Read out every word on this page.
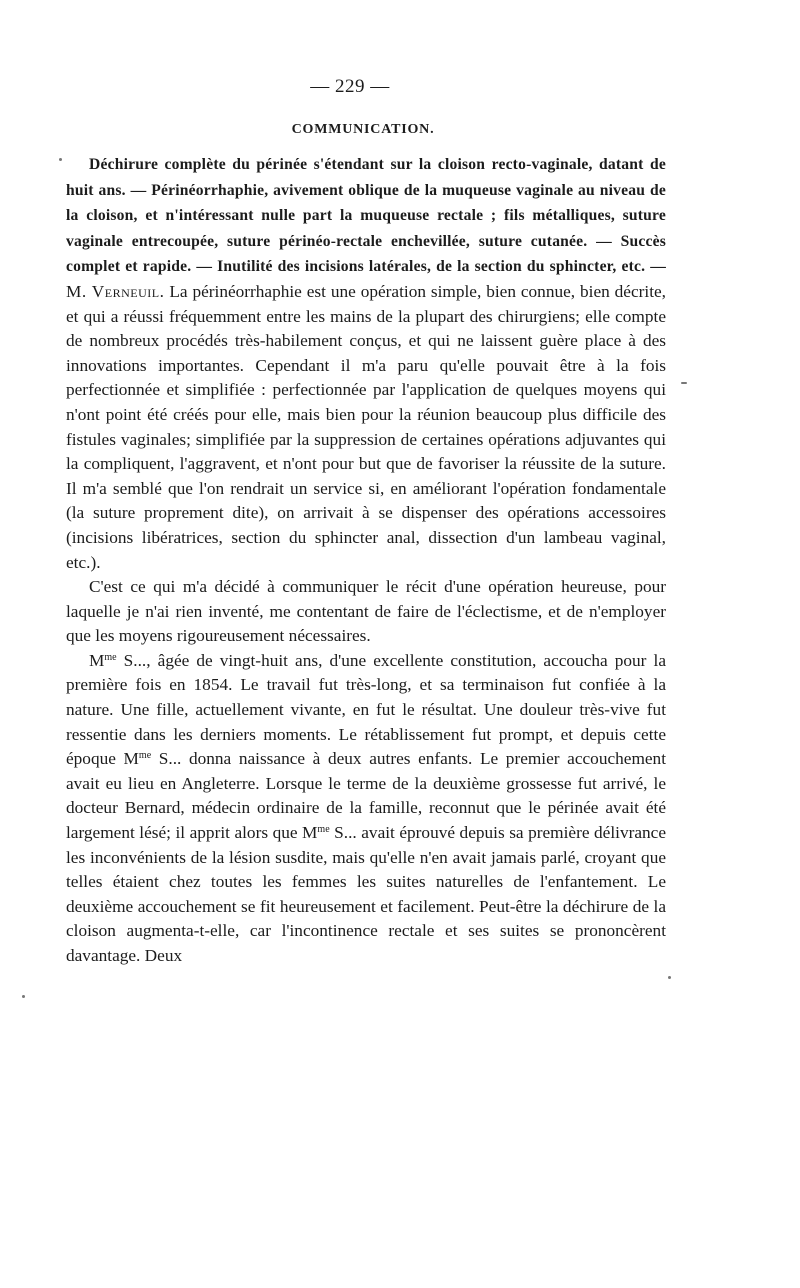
— 229 —
COMMUNICATION.

Déchirure complète du périnée s'étendant sur la cloison recto-vaginale, datant de huit ans. — Périnéorrhaphie, avivement oblique de la muqueuse vaginale au niveau de la cloison, et n'intéressant nulle part la muqueuse rectale ; fils métalliques, suture vaginale entrecoupée, suture périnéo-rectale enchevillée, suture cutanée. — Succès complet et rapide. — Inutilité des incisions latérales, de la section du sphincter, etc. — M. Verneuil. La périnéorrhaphie est une opération simple, bien connue, bien décrite, et qui a réussi fréquemment entre les mains de la plupart des chirurgiens; elle compte de nombreux procédés très-habilement conçus, et qui ne laissent guère place à des innovations importantes. Cependant il m'a paru qu'elle pouvait être à la fois perfectionnée et simplifiée : perfectionnée par l'application de quelques moyens qui n'ont point été créés pour elle, mais bien pour la réunion beaucoup plus difficile des fistules vaginales; simplifiée par la suppression de certaines opérations adjuvantes qui la compliquent, l'aggravent, et n'ont pour but que de favoriser la réussite de la suture. Il m'a semblé que l'on rendrait un service si, en améliorant l'opération fondamentale (la suture proprement dite), on arrivait à se dispenser des opérations accessoires (incisions libératrices, section du sphincter anal, dissection d'un lambeau vaginal, etc.).

C'est ce qui m'a décidé à communiquer le récit d'une opération heureuse, pour laquelle je n'ai rien inventé, me contentant de faire de l'éclectisme, et de n'employer que les moyens rigoureusement nécessaires.

$M^{me}$ S..., âgée de vingt-huit ans, d'une excellente constitution, accoucha pour la première fois en 1854. Le travail fut très-long, et sa terminaison fut confiée à la nature. Une fille, actuellement vivante, en fut le résultat. Une douleur très-vive fut ressentie dans les derniers moments. Le rétablissement fut prompt, et depuis cette époque $M^{me}$ S... donna naissance à deux autres enfants. Le premier accouchement avait eu lieu en Angleterre. Lorsque le terme de la deuxième grossesse fut arrivé, le docteur Bernard, médecin ordinaire de la famille, reconnut que le périnée avait été largement lésé; il apprit alors que $M^{me}$ S... avait éprouvé depuis sa première délivrance les inconvénients de la lésion susdite, mais qu'elle n'en avait jamais parlé, croyant que telles étaient chez toutes les femmes les suites naturelles de l'enfantement. Le deuxième accouchement se fit heureusement et facilement. Peut-être la déchirure de la cloison augmenta-t-elle, car l'incontinence rectale et ses suites se prononcèrent davantage. Deux
